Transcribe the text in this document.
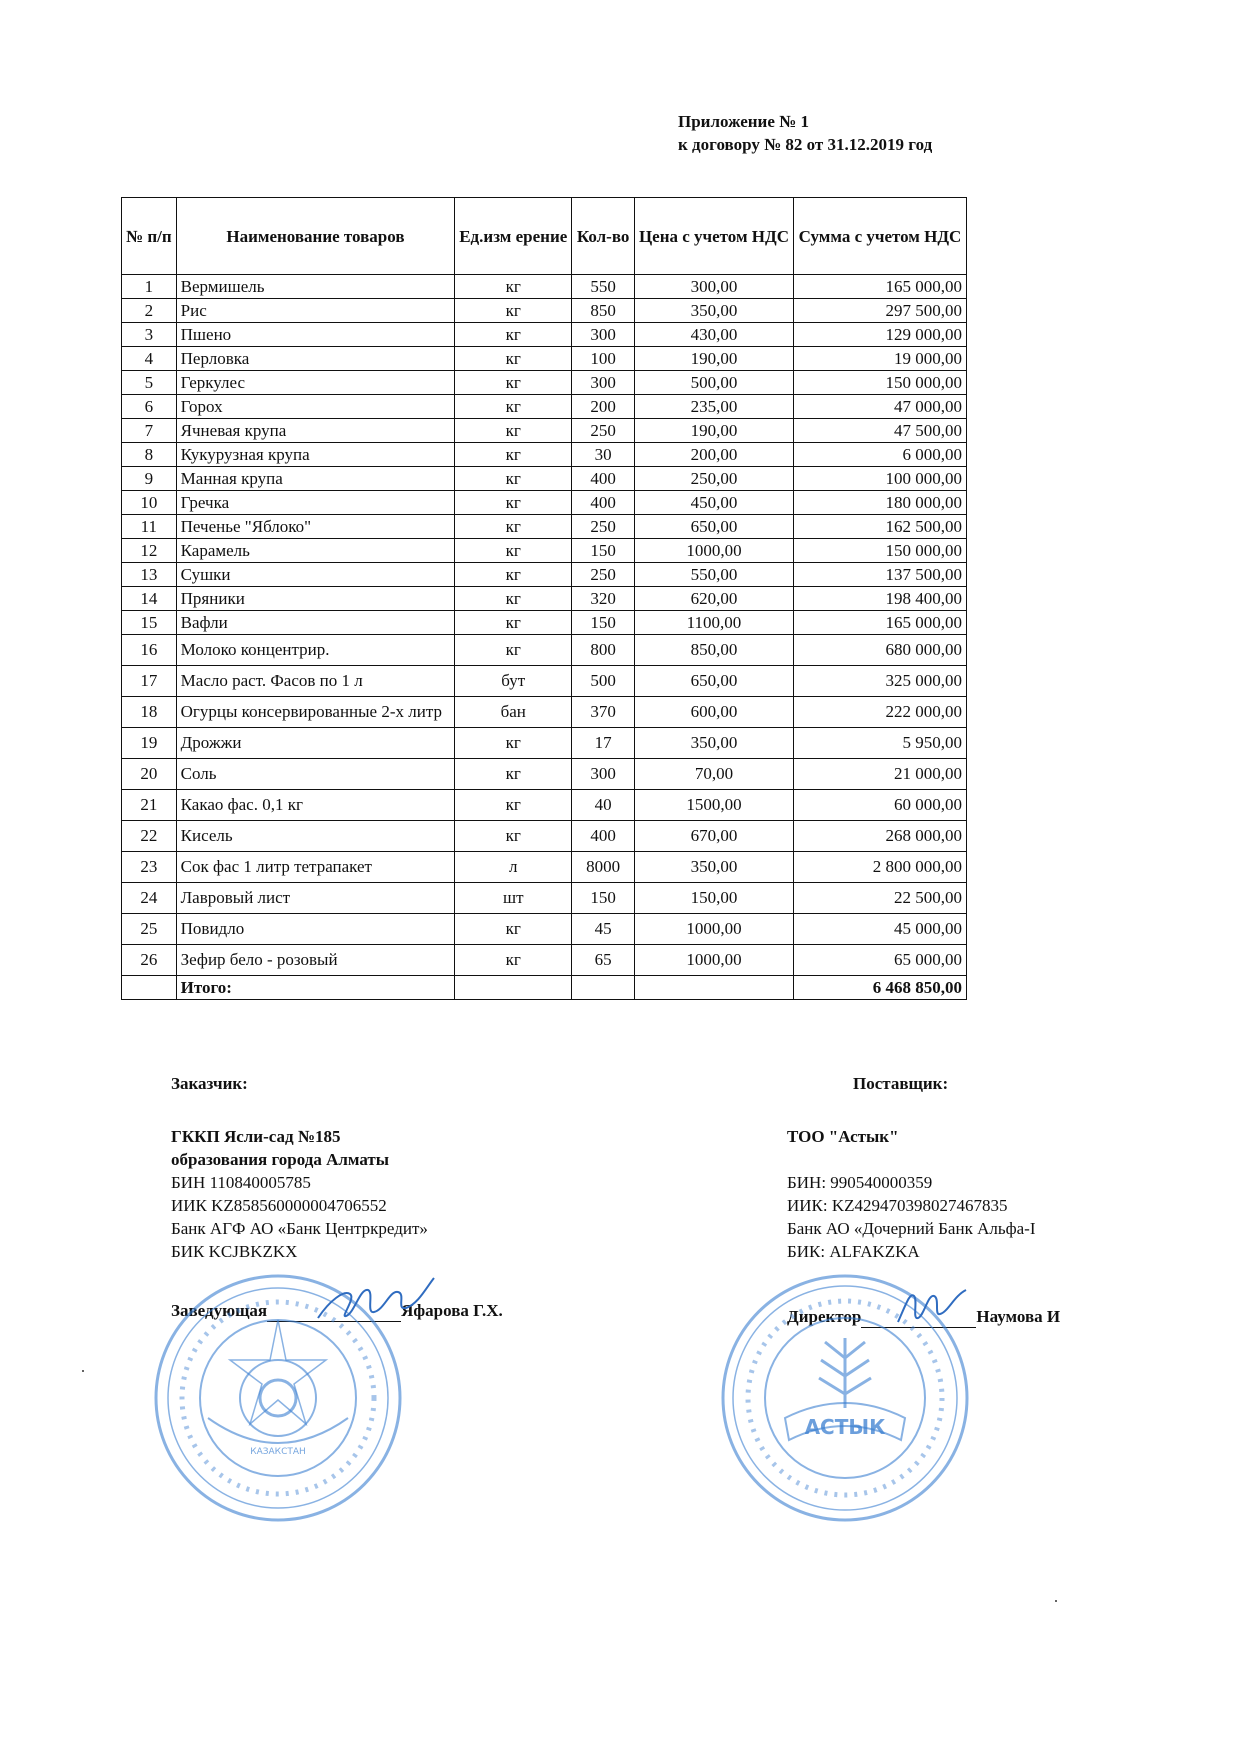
Приложение № 1
к договору № 82 от 31.12.2019 год
№ п/п	Наименование товаров	Ед.изм ерение	Кол-во	Цена с учетом НДС	Сумма с учетом НДС
1	Вермишель	кг	550	300,00	165 000,00
2	Рис	кг	850	350,00	297 500,00
3	Пшено	кг	300	430,00	129 000,00
4	Перловка	кг	100	190,00	19 000,00
5	Геркулес	кг	300	500,00	150 000,00
6	Горох	кг	200	235,00	47 000,00
7	Ячневая крупа	кг	250	190,00	47 500,00
8	Кукурузная крупа	кг	30	200,00	6 000,00
9	Манная крупа	кг	400	250,00	100 000,00
10	Гречка	кг	400	450,00	180 000,00
11	Печенье "Яблоко"	кг	250	650,00	162 500,00
12	Карамель	кг	150	1000,00	150 000,00
13	Сушки	кг	250	550,00	137 500,00
14	Пряники	кг	320	620,00	198 400,00
15	Вафли	кг	150	1100,00	165 000,00
16	Молоко концентрир.	кг	800	850,00	680 000,00
17	Масло раст. Фасов по 1 л	бут	500	650,00	325 000,00
18	Огурцы консервированные 2-х литр	бан	370	600,00	222 000,00
19	Дрожжи	кг	17	350,00	5 950,00
20	Соль	кг	300	70,00	21 000,00
21	Какао фас. 0,1 кг	кг	40	1500,00	60 000,00
22	Кисель	кг	400	670,00	268 000,00
23	Сок фас 1 литр тетрапакет	л	8000	350,00	2 800 000,00
24	Лавровый лист	шт	150	150,00	22 500,00
25	Повидло	кг	45	1000,00	45 000,00
26	Зефир бело - розовый	кг	65	1000,00	65 000,00
	Итого:				6 468 850,00
Заказчик:
ГККП Ясли-сад №185
образования города Алматы
БИН 110840005785
ИИК KZ858560000004706552
Банк АГФ АО «Банк Центркредит»
БИК KCJBKZKX
Заведующая	Яфарова Г.Х.
Поставщик:
ТОО "Астык"
БИН: 990540000359
ИИК: KZ429470398027467835
Банк АО «Дочерний Банк Альфа-I
БИК: ALFAKZKA
Директор	Наумова И
КАЗАКСТАН
АСТЫК
